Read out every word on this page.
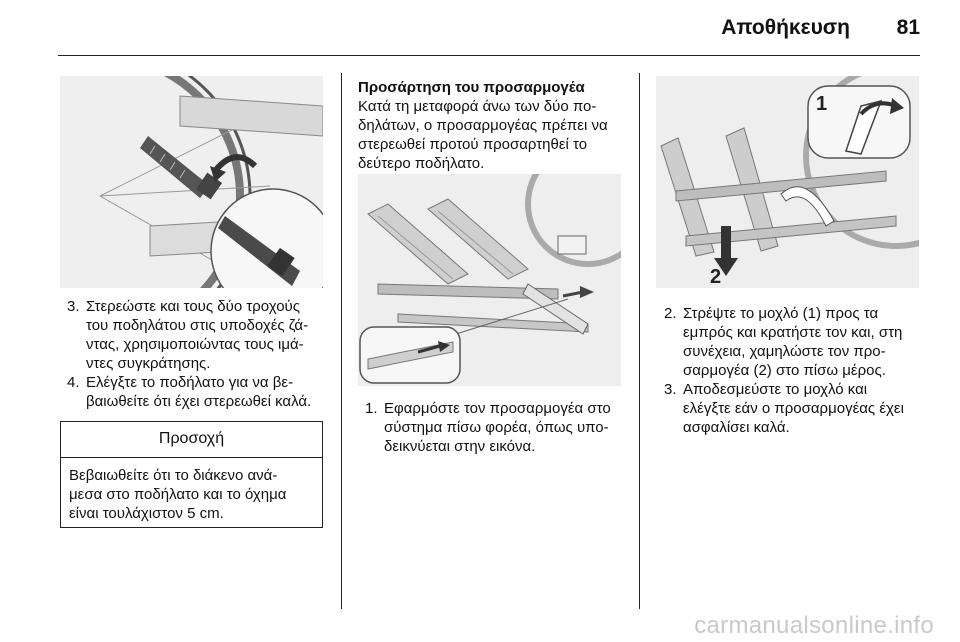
Αποθήκευση	81
3. Στερεώστε και τους δύο τροχούς
του ποδηλάτου στις υποδοχές ζά-
ντας, χρησιμοποιώντας τους ιμά-
ντες συγκράτησης.
4. Ελέγξτε το ποδήλατο για να βε-
βαιωθείτε ότι έχει στερεωθεί καλά.
Προσοχή
Βεβαιωθείτε ότι το διάκενο ανά-
μεσα στο ποδήλατο και το όχημα
είναι τουλάχιστον 5 cm.
Προσάρτηση του προσαρμογέα
Κατά τη μεταφορά άνω των δύο πο-
δηλάτων, ο προσαρμογέας πρέπει να
στερεωθεί προτού προσαρτηθεί το
δεύτερο ποδήλατο.
1. Εφαρμόστε τον προσαρμογέα στο
σύστημα πίσω φορέα, όπως υπο-
δεικνύεται στην εικόνα.
1
2
2. Στρέψτε το μοχλό (1) προς τα
εμπρός και κρατήστε τον και, στη
συνέχεια, χαμηλώστε τον προ-
σαρμογέα (2) στο πίσω μέρος.
3. Αποδεσμεύστε το μοχλό και
ελέγξτε εάν ο προσαρμογέας έχει
ασφαλίσει καλά.
carmanualsonline.info
